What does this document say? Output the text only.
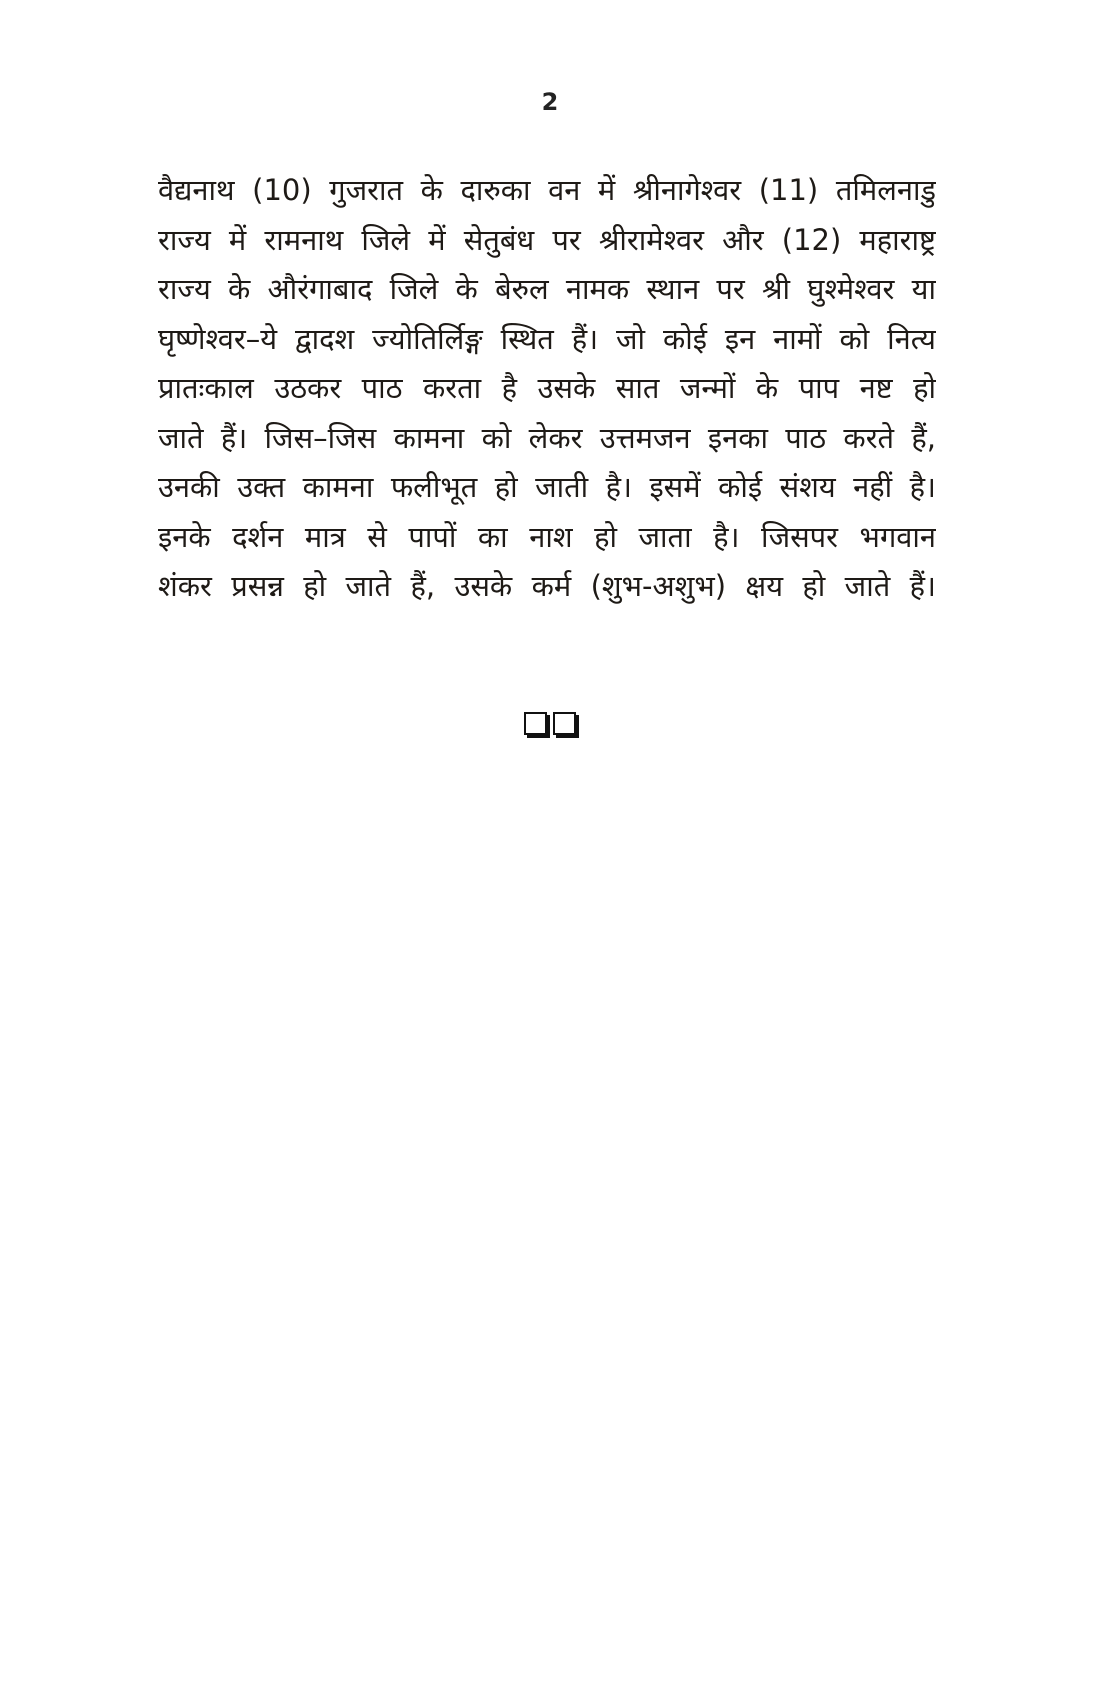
2
वैद्यनाथ (10) गुजरात के दारुका वन में श्रीनागेश्वर (11) तमिलनाडु
राज्य में रामनाथ जिले में सेतुबंध पर श्रीरामेश्वर और (12) महाराष्ट्र
राज्य के औरंगाबाद जिले के बेरुल नामक स्थान पर श्री घुश्मेश्वर या
घृष्णेश्वर–ये द्वादश ज्योतिर्लिङ्ग स्थित हैं। जो कोई इन नामों को नित्य
प्रातःकाल उठकर पाठ करता है उसके सात जन्मों के पाप नष्ट हो
जाते हैं। जिस–जिस कामना को लेकर उत्तमजन इनका पाठ करते हैं,
उनकी उक्त कामना फलीभूत हो जाती है। इसमें कोई संशय नहीं है।
इनके दर्शन मात्र से पापों का नाश हो जाता है। जिसपर भगवान
शंकर प्रसन्न हो जाते हैं, उसके कर्म (शुभ-अशुभ) क्षय हो जाते हैं।
